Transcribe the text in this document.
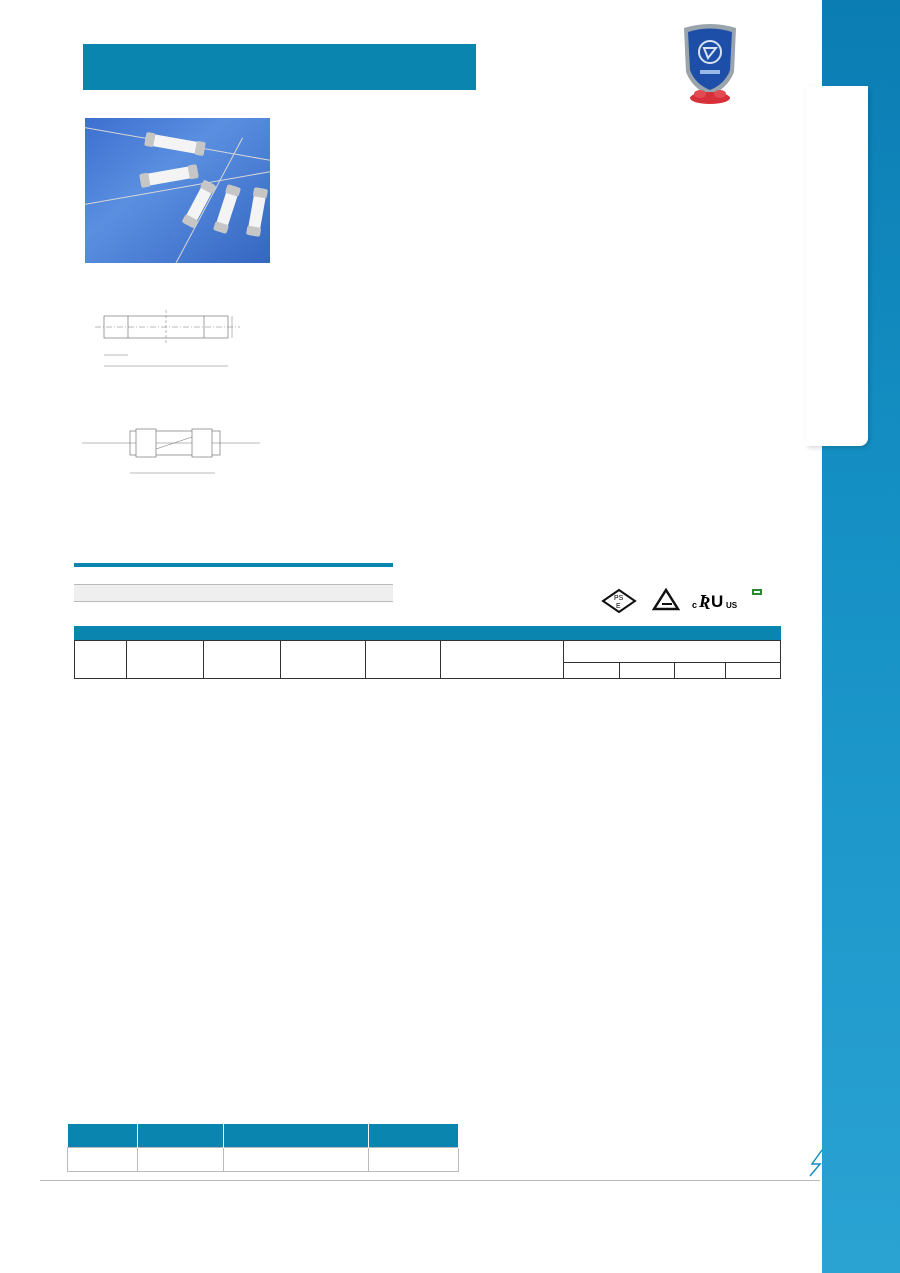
PS
E	c Ʀ U US
